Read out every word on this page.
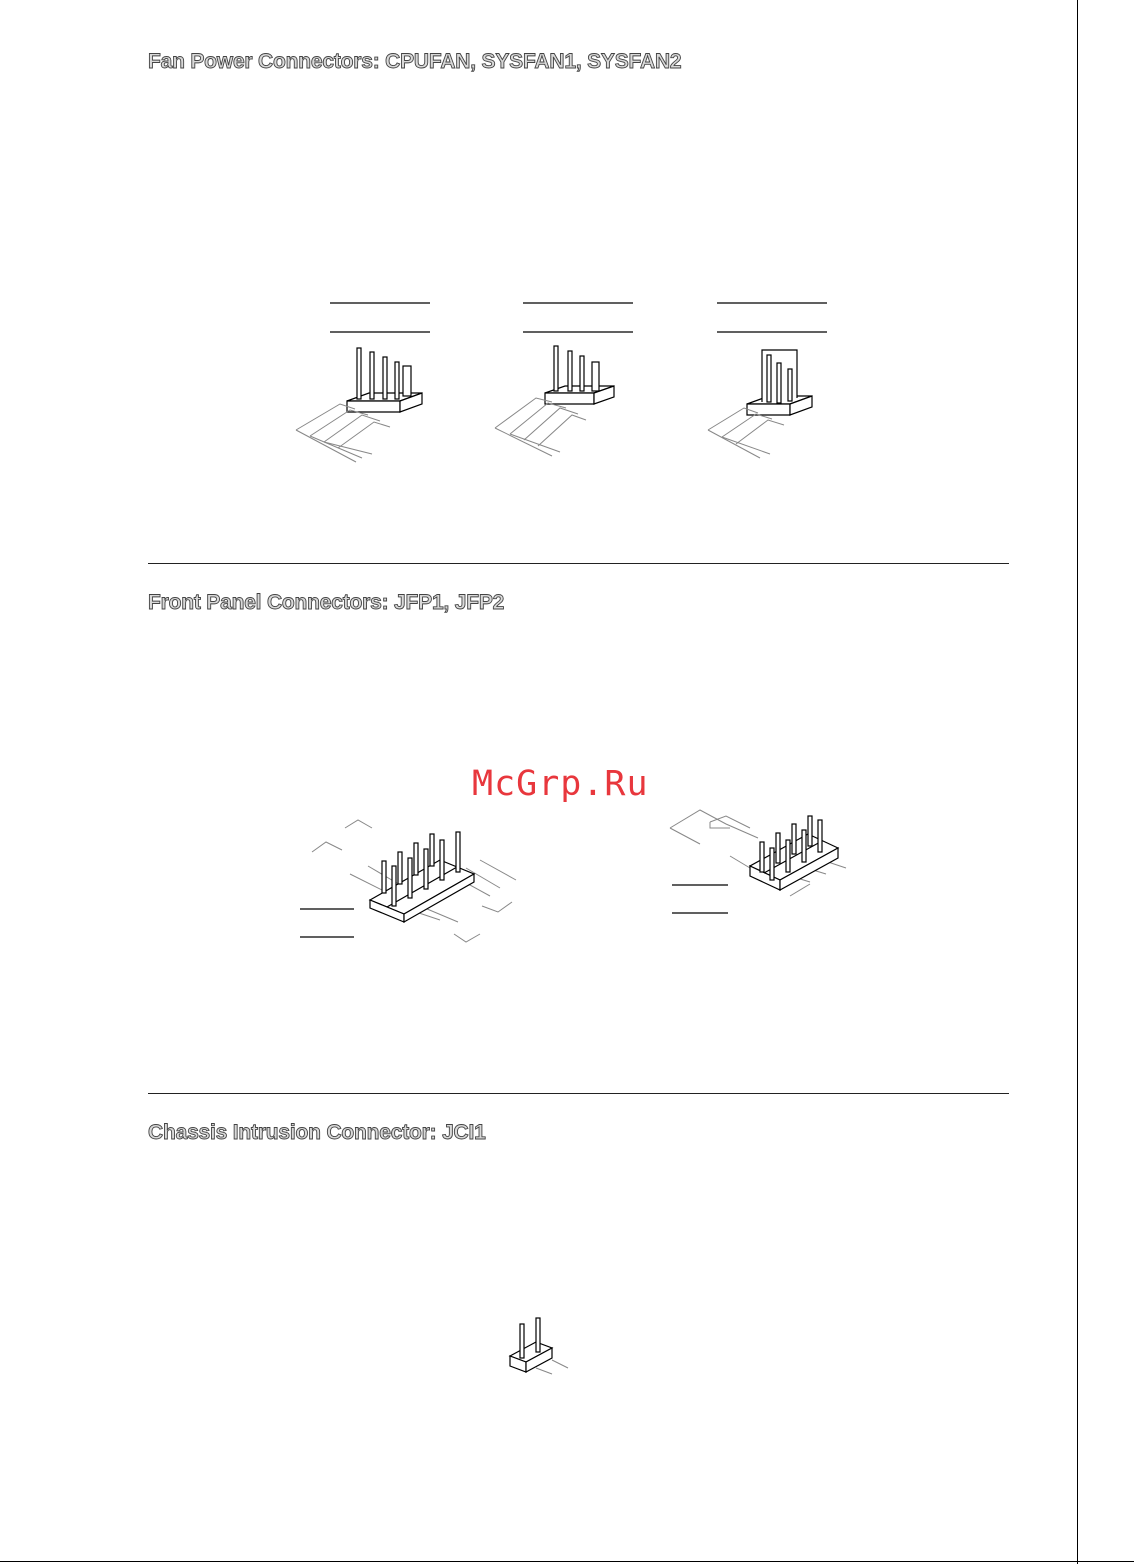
Fan Power Connectors: CPUFAN, SYSFAN1, SYSFAN2
Front Panel Connectors: JFP1, JFP2

McGrp.Ru

Chassis Intrusion Connector: JCI1
